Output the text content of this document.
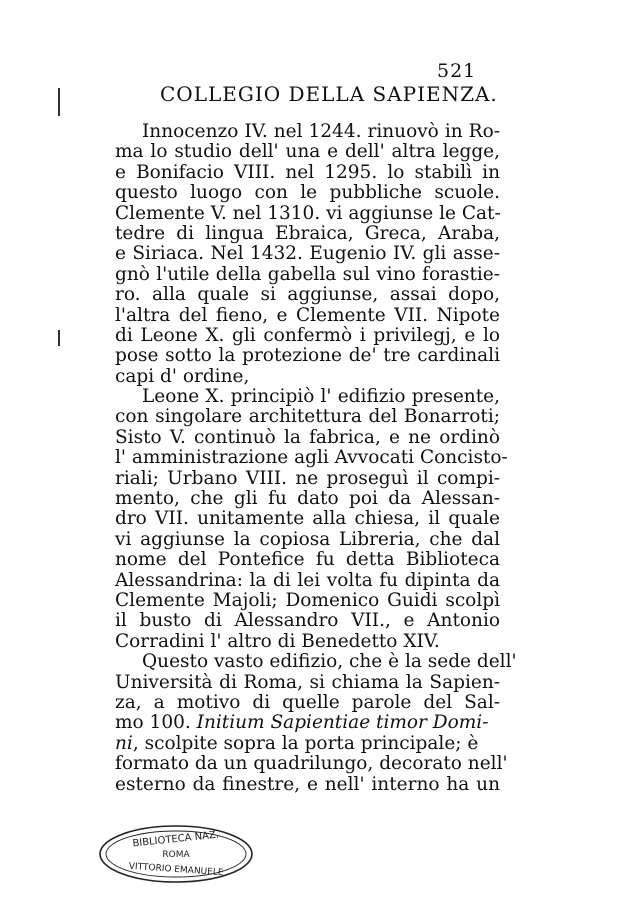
521
COLLEGIO DELLA SAPIENZA.
Innocenzo IV. nel 1244. rinuovò in Ro-
ma lo studio dell' una e dell' altra legge,
e Bonifacio VIII. nel 1295. lo stabilì in
questo luogo con le pubbliche scuole.
Clemente V. nel 1310. vi aggiunse le Cat-
tedre di lingua Ebraica, Greca, Araba,
e Siriaca. Nel 1432. Eugenio IV. gli asse-
gnò l'utile della gabella sul vino forastie-
ro. alla quale si aggiunse, assai dopo,
l'altra del fieno, e Clemente VII. Nipote
di Leone X. gli confermò i privilegj, e lo
pose sotto la protezione de' tre cardinali
capi d' ordine,
Leone X. principiò l' edifizio presente,
con singolare architettura del Bonarroti;
Sisto V. continuò la fabrica, e ne ordinò
l' amministrazione agli Avvocati Concisto-
riali; Urbano VIII. ne proseguì il compi-
mento, che gli fu dato poi da Alessan-
dro VII. unitamente alla chiesa, il quale
vi aggiunse la copiosa Libreria, che dal
nome del Pontefice fu detta Biblioteca
Alessandrina: la di lei volta fu dipinta da
Clemente Majoli; Domenico Guidi scolpì
il busto di Alessandro VII., e Antonio
Corradini l' altro di Benedetto XIV.
Questo vasto edifizio, che è la sede dell'
Università di Roma, si chiama la Sapien-
za, a motivo di quelle parole del Sal-
mo 100. Initium Sapientiae timor Domi-
ni, scolpite sopra la porta principale; è
formato da un quadrilungo, decorato nell'
esterno da finestre, e nell' interno ha un
BIBLIOTECA NAZ.
ROMA
VITTORIO EMANUELE
